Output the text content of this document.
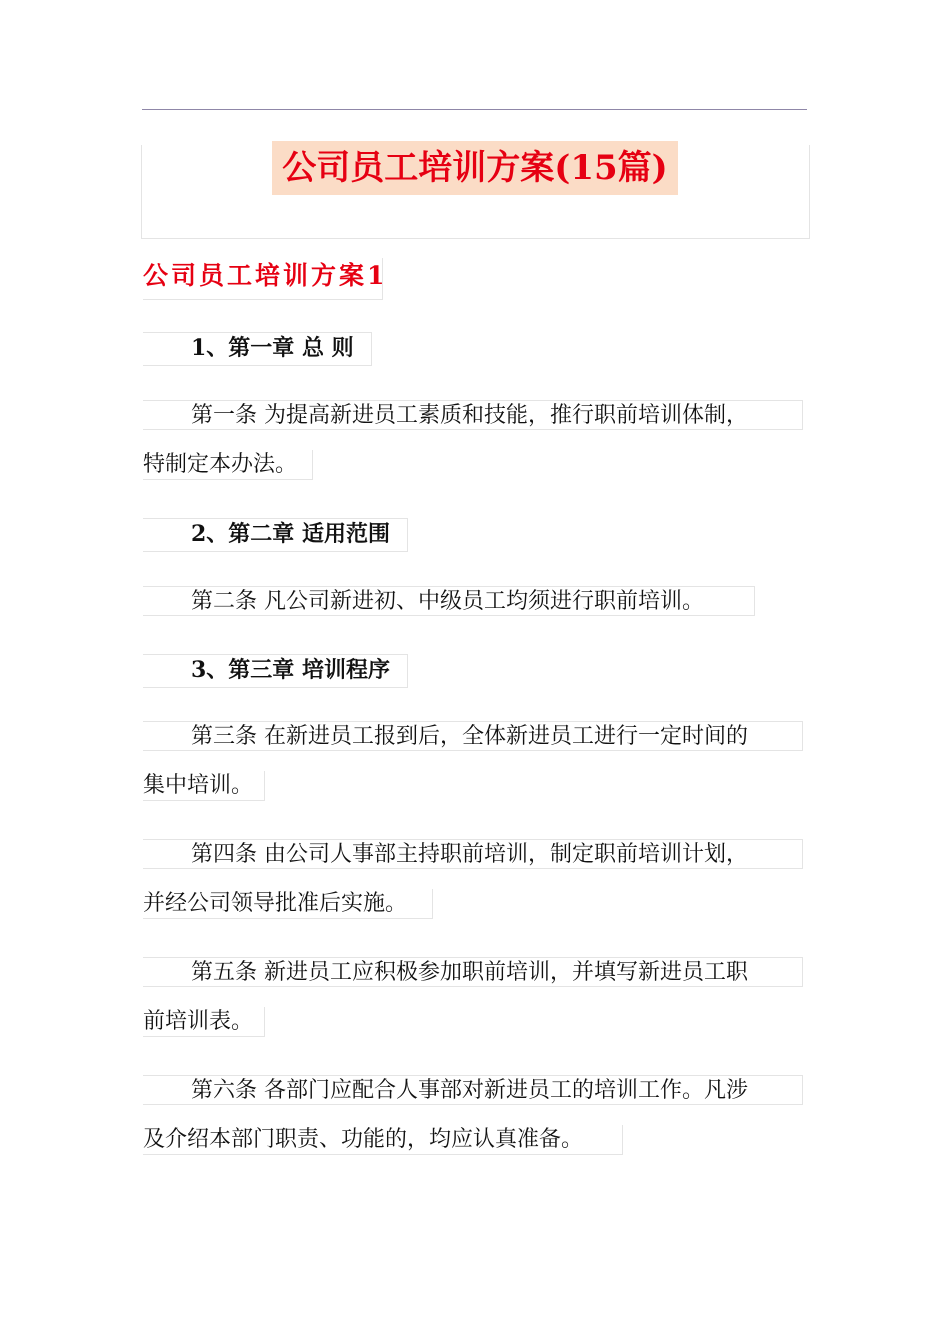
公司员工培训方案(15篇)
公司员工培训方案1
1、第一章 总 则
第一条 为提高新进员工素质和技能，推行职前培训体制，
特制定本办法。
2、第二章 适用范围
第二条 凡公司新进初、中级员工均须进行职前培训。
3、第三章 培训程序
第三条 在新进员工报到后，全体新进员工进行一定时间的
集中培训。
第四条 由公司人事部主持职前培训，制定职前培训计划，
并经公司领导批准后实施。
第五条 新进员工应积极参加职前培训，并填写新进员工职
前培训表。
第六条 各部门应配合人事部对新进员工的培训工作。凡涉
及介绍本部门职责、功能的，均应认真准备。
